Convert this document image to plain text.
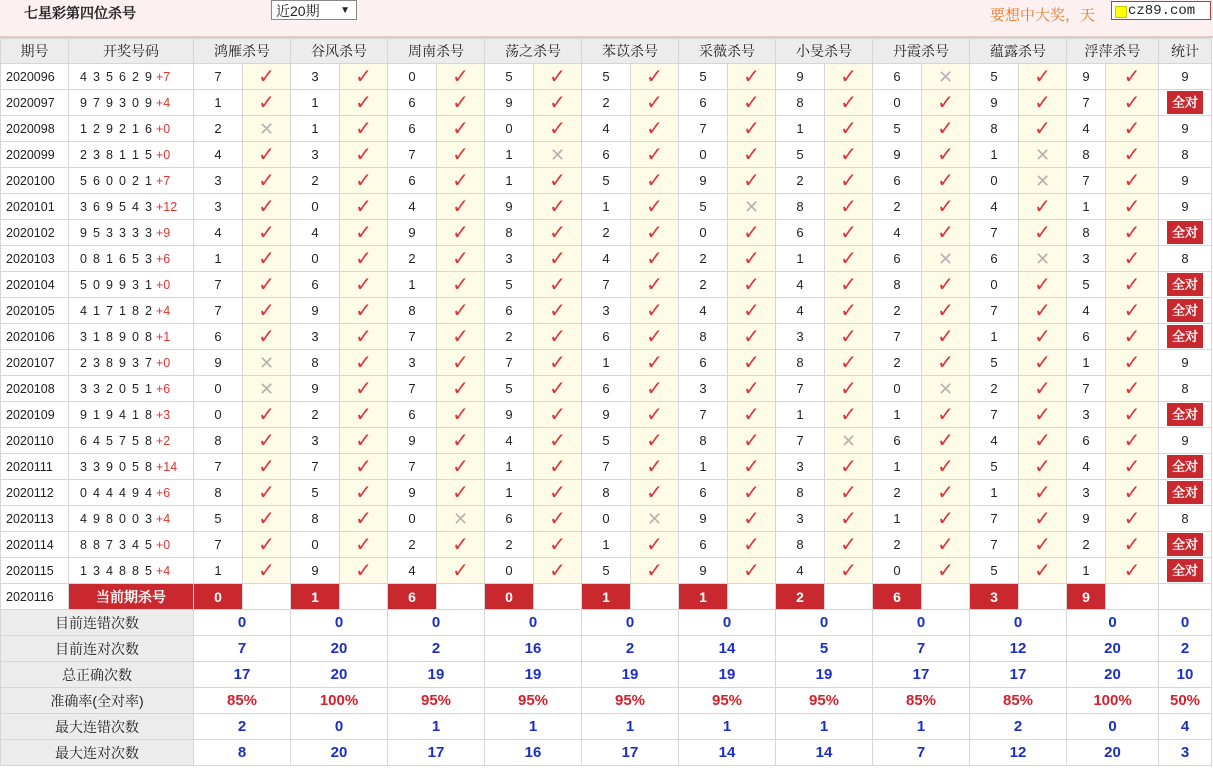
七星彩第四位杀号	近20期 ▼	要想中大奖，天	cz89.com
期号	开奖号码	鸿雁杀号		谷风杀号		周南杀号		荡之杀号		苯苡杀号		采薇杀号		小旻杀号		丹霞杀号		蕴露杀号		浮萍杀号		统计
2020096	4 3 5 6 2 9 +7	7	✓	3	✓	0	✓	5	✓	5	✓	5	✓	9	✓	6	✕	5	✓	9	✓	9
2020097	9 7 9 3 0 9 +4	1	✓	1	✓	6	✓	9	✓	2	✓	6	✓	8	✓	0	✓	9	✓	7	✓	全对
2020098	1 2 9 2 1 6 +0	2	✕	1	✓	6	✓	0	✓	4	✓	7	✓	1	✓	5	✓	8	✓	4	✓	9
2020099	2 3 8 1 1 5 +0	4	✓	3	✓	7	✓	1	✕	6	✓	0	✓	5	✓	9	✓	1	✕	8	✓	8
2020100	5 6 0 0 2 1 +7	3	✓	2	✓	6	✓	1	✓	5	✓	9	✓	2	✓	6	✓	0	✕	7	✓	9
2020101	3 6 9 5 4 3 +12	3	✓	0	✓	4	✓	9	✓	1	✓	5	✕	8	✓	2	✓	4	✓	1	✓	9
2020102	9 5 3 3 3 3 +9	4	✓	4	✓	9	✓	8	✓	2	✓	0	✓	6	✓	4	✓	7	✓	8	✓	全对
2020103	0 8 1 6 5 3 +6	1	✓	0	✓	2	✓	3	✓	4	✓	2	✓	1	✓	6	✕	6	✕	3	✓	8
2020104	5 0 9 9 3 1 +0	7	✓	6	✓	1	✓	5	✓	7	✓	2	✓	4	✓	8	✓	0	✓	5	✓	全对
2020105	4 1 7 1 8 2 +4	7	✓	9	✓	8	✓	6	✓	3	✓	4	✓	4	✓	2	✓	7	✓	4	✓	全对
2020106	3 1 8 9 0 8 +1	6	✓	3	✓	7	✓	2	✓	6	✓	8	✓	3	✓	7	✓	1	✓	6	✓	全对
2020107	2 3 8 9 3 7 +0	9	✕	8	✓	3	✓	7	✓	1	✓	6	✓	8	✓	2	✓	5	✓	1	✓	9
2020108	3 3 2 0 5 1 +6	0	✕	9	✓	7	✓	5	✓	6	✓	3	✓	7	✓	0	✕	2	✓	7	✓	8
2020109	9 1 9 4 1 8 +3	0	✓	2	✓	6	✓	9	✓	9	✓	7	✓	1	✓	1	✓	7	✓	3	✓	全对
2020110	6 4 5 7 5 8 +2	8	✓	3	✓	9	✓	4	✓	5	✓	8	✓	7	✕	6	✓	4	✓	6	✓	9
2020111	3 3 9 0 5 8 +14	7	✓	7	✓	7	✓	1	✓	7	✓	1	✓	3	✓	1	✓	5	✓	4	✓	全对
2020112	0 4 4 4 9 4 +6	8	✓	5	✓	9	✓	1	✓	8	✓	6	✓	8	✓	2	✓	1	✓	3	✓	全对
2020113	4 9 8 0 0 3 +4	5	✓	8	✓	0	✕	6	✓	0	✕	9	✓	3	✓	1	✓	7	✓	9	✓	8
2020114	8 8 7 3 4 5 +0	7	✓	0	✓	2	✓	2	✓	1	✓	6	✓	8	✓	2	✓	7	✓	2	✓	全对
2020115	1 3 4 8 8 5 +4	1	✓	9	✓	4	✓	0	✓	5	✓	9	✓	4	✓	0	✓	5	✓	1	✓	全对
2020116	当前期杀号	0		1		6		0		1		1		2		6		3		9		
目前连错次数		0		0		0		0		0		0		0		0		0		0		0
目前连对次数		7		20		2		16		2		14		5		7		12		20		2
总正确次数		17		20		19		19		19		19		19		17		17		20		10
准确率(全对率)		85%		100%		95%		95%		95%		95%		95%		85%		85%		100%		50%
最大连错次数		2		0		1		1		1		1		1		1		2		0		4
最大连对次数		8		20		17		16		17		14		14		7		12		20		3
